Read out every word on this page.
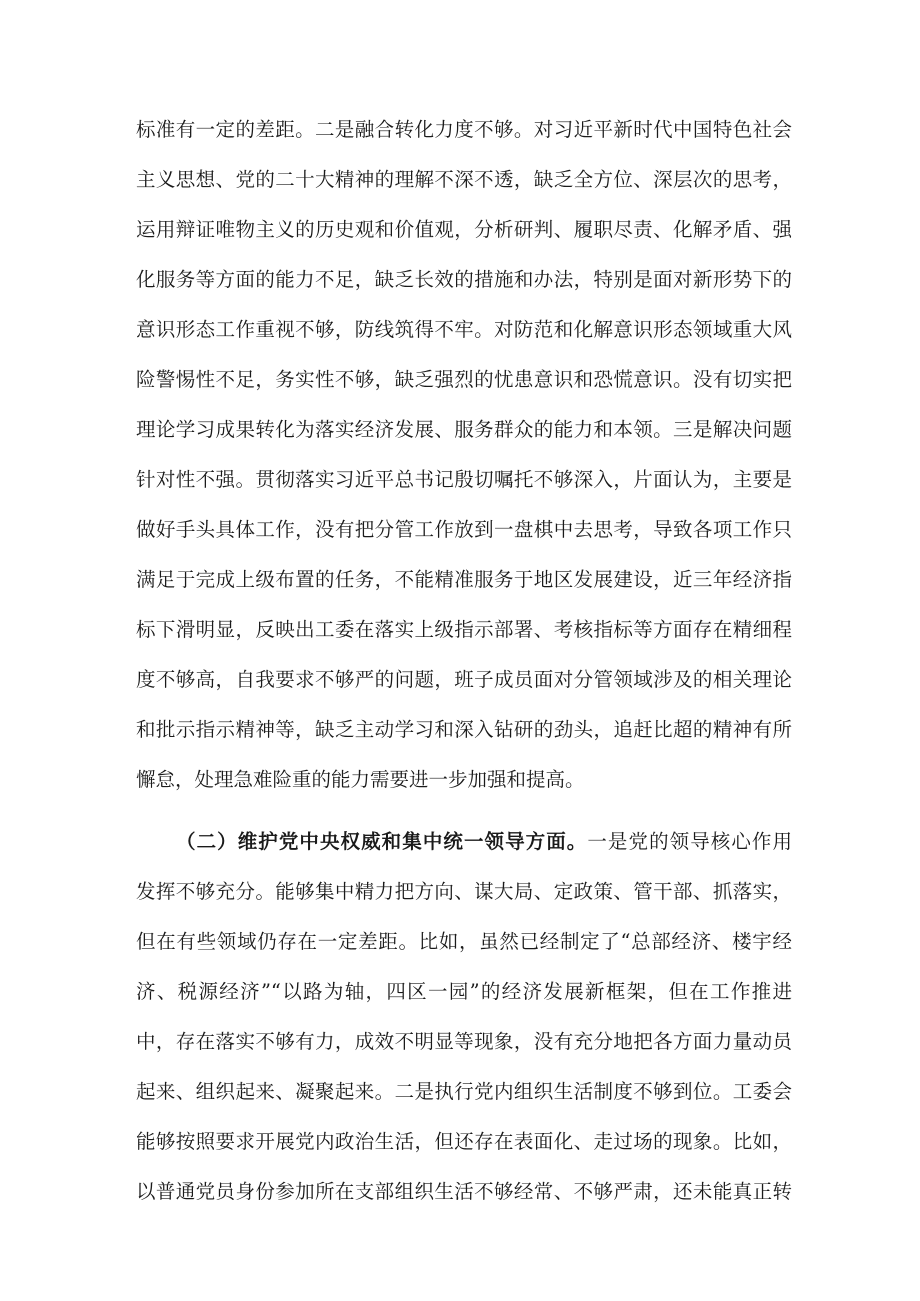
标准有一定的差距。二是融合转化力度不够。对习近平新时代中国特色社会
主义思想、党的二十大精神的理解不深不透，缺乏全方位、深层次的思考，
运用辩证唯物主义的历史观和价值观，分析研判、履职尽责、化解矛盾、强
化服务等方面的能力不足，缺乏长效的措施和办法，特别是面对新形势下的
意识形态工作重视不够，防线筑得不牢。对防范和化解意识形态领域重大风
险警惕性不足，务实性不够，缺乏强烈的忧患意识和恐慌意识。没有切实把
理论学习成果转化为落实经济发展、服务群众的能力和本领。三是解决问题
针对性不强。贯彻落实习近平总书记殷切嘱托不够深入，片面认为，主要是
做好手头具体工作，没有把分管工作放到一盘棋中去思考，导致各项工作只
满足于完成上级布置的任务，不能精准服务于地区发展建设，近三年经济指
标下滑明显，反映出工委在落实上级指示部署、考核指标等方面存在精细程
度不够高，自我要求不够严的问题，班子成员面对分管领域涉及的相关理论
和批示指示精神等，缺乏主动学习和深入钻研的劲头，追赶比超的精神有所
懈怠，处理急难险重的能力需要进一步加强和提高。
（二）维护党中央权威和集中统一领导方面。一是党的领导核心作用
发挥不够充分。能够集中精力把方向、谋大局、定政策、管干部、抓落实，
但在有些领域仍存在一定差距。比如，虽然已经制定了“总部经济、楼宇经
济、税源经济”“以路为轴，四区一园”的经济发展新框架，但在工作推进
中，存在落实不够有力，成效不明显等现象，没有充分地把各方面力量动员
起来、组织起来、凝聚起来。二是执行党内组织生活制度不够到位。工委会
能够按照要求开展党内政治生活，但还存在表面化、走过场的现象。比如，
以普通党员身份参加所在支部组织生活不够经常、不够严肃，还未能真正转
